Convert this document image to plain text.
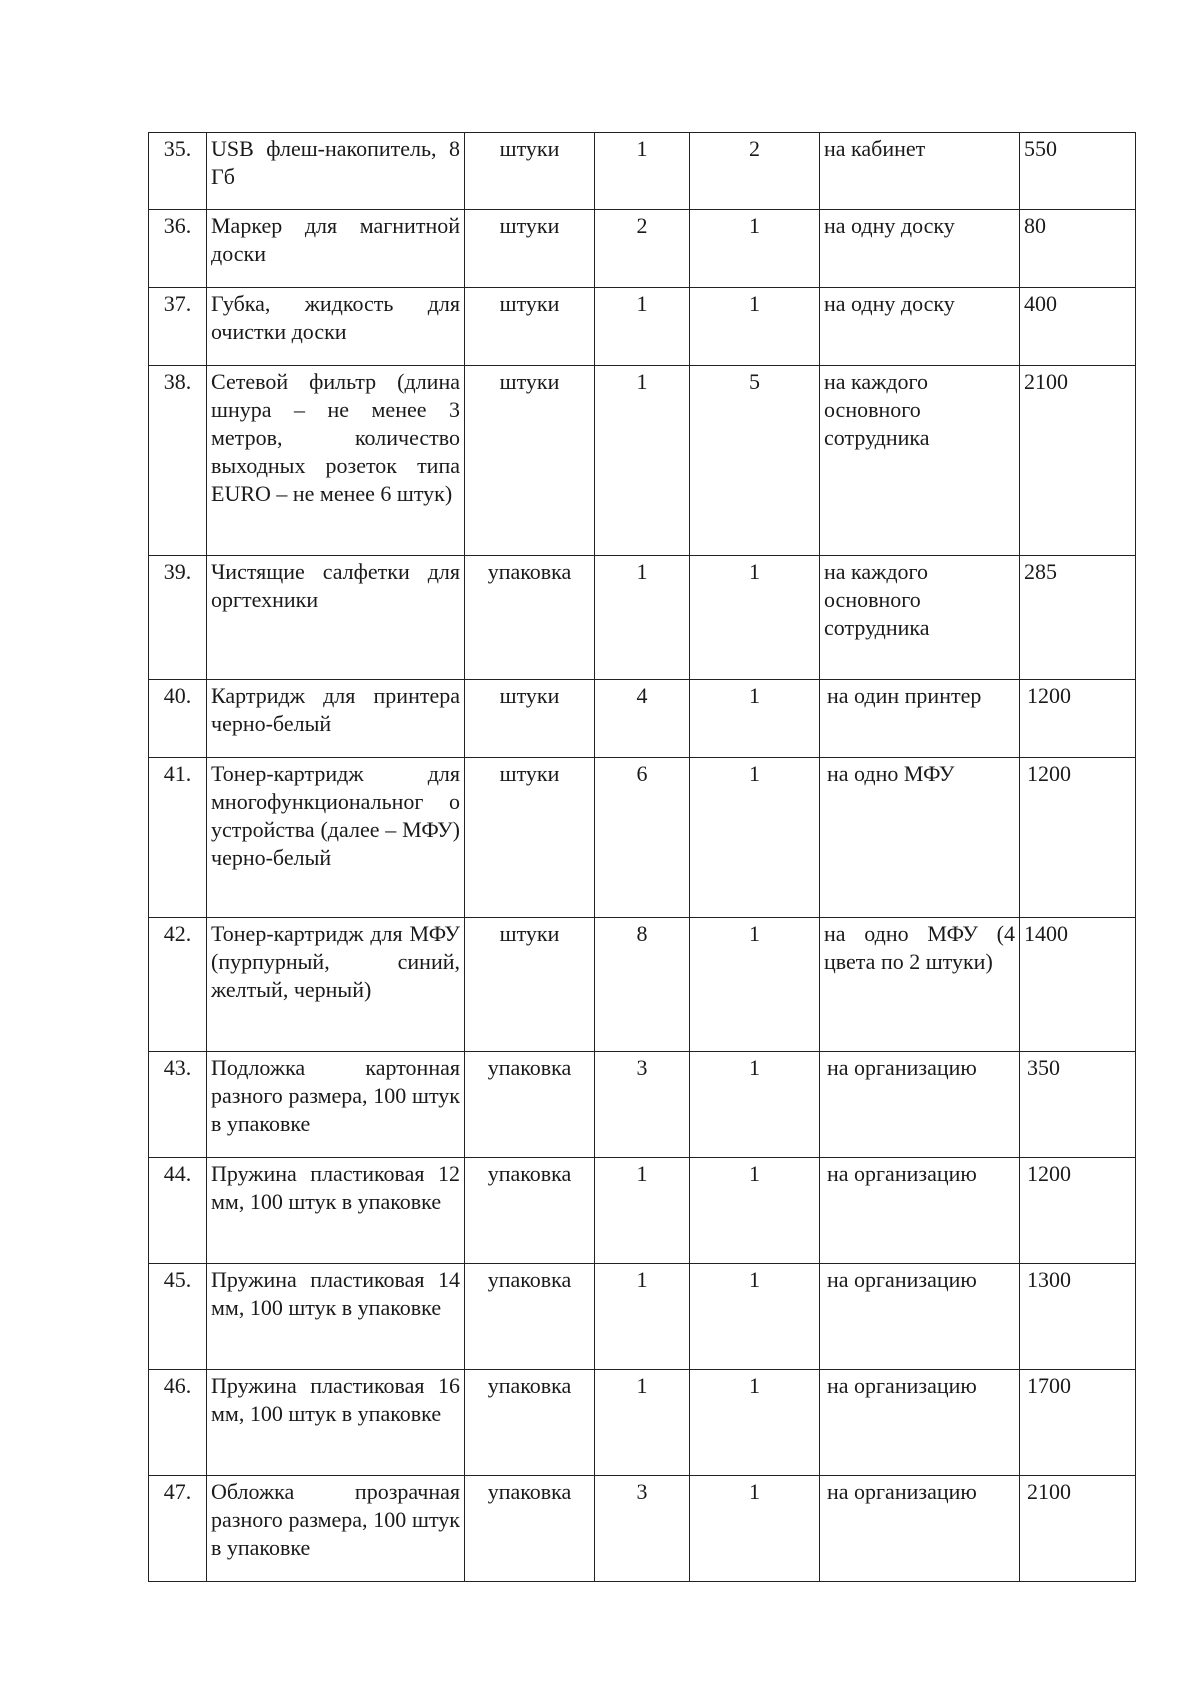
35.	USB флеш-накопитель, 8 Гб	штуки	1	2	на кабинет	550
36.	Маркер для магнитной доски	штуки	2	1	на одну доску	80
37.	Губка, жидкость для очистки доски	штуки	1	1	на одну доску	400
38.	Сетевой фильтр (длина шнура – не менее 3 метров, количество выходных розеток типа EURO – не менее 6 штук)	штуки	1	5	на каждого основного сотрудника	2100
39.	Чистящие салфетки для оргтехники	упаковка	1	1	на каждого основного сотрудника	285
40.	Картридж для принтера черно-белый	штуки	4	1	на один принтер	1200
41.	Тонер-картридж для многофункциональног о устройства (далее – МФУ) черно-белый	штуки	6	1	на одно МФУ	1200
42.	Тонер-картридж для МФУ (пурпурный, синий, желтый, черный)	штуки	8	1	на одно МФУ (4 цвета по 2 штуки)	1400
43.	Подложка картонная разного размера, 100 штук в упаковке	упаковка	3	1	на организацию	350
44.	Пружина пластиковая 12 мм, 100 штук в упаковке	упаковка	1	1	на организацию	1200
45.	Пружина пластиковая 14 мм, 100 штук в упаковке	упаковка	1	1	на организацию	1300
46.	Пружина пластиковая 16 мм, 100 штук в упаковке	упаковка	1	1	на организацию	1700
47.	Обложка прозрачная разного размера, 100 штук в упаковке	упаковка	3	1	на организацию	2100
